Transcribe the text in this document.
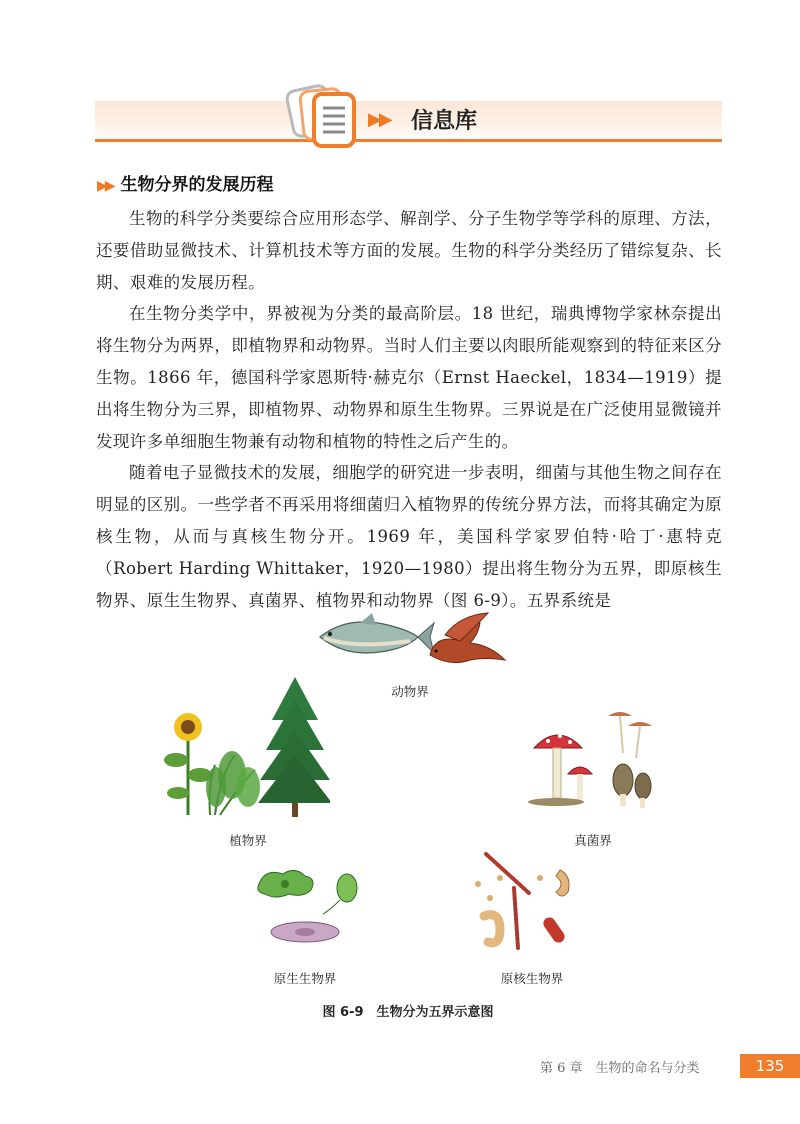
▶▶ 信息库
▶▶ 生物分界的发展历程

生物的科学分类要综合应用形态学、解剖学、分子生物学等学科的原理、方法，还要借助显微技术、计算机技术等方面的发展。生物的科学分类经历了错综复杂、长期、艰难的发展历程。

在生物分类学中，界被视为分类的最高阶层。18 世纪，瑞典博物学家林奈提出将生物分为两界，即植物界和动物界。当时人们主要以肉眼所能观察到的特征来区分生物。1866 年，德国科学家恩斯特·赫克尔（Ernst Haeckel，1834—1919）提出将生物分为三界，即植物界、动物界和原生生物界。三界说是在广泛使用显微镜并发现许多单细胞生物兼有动物和植物的特性之后产生的。

随着电子显微技术的发展，细胞学的研究进一步表明，细菌与其他生物之间存在明显的区别。一些学者不再采用将细菌归入植物界的传统分界方法，而将其确定为原核生物，从而与真核生物分开。1969 年，美国科学家罗伯特·哈丁·惠特克（Robert Harding Whittaker，1920—1980）提出将生物分为五界，即原核生物界、原生生物界、真菌界、植物界和动物界（图 6-9）。五界系统是

动物界
植物界	真菌界
原生生物界	原核生物界
图 6-9　生物分为五界示意图
第 6 章　生物的命名与分类	135
